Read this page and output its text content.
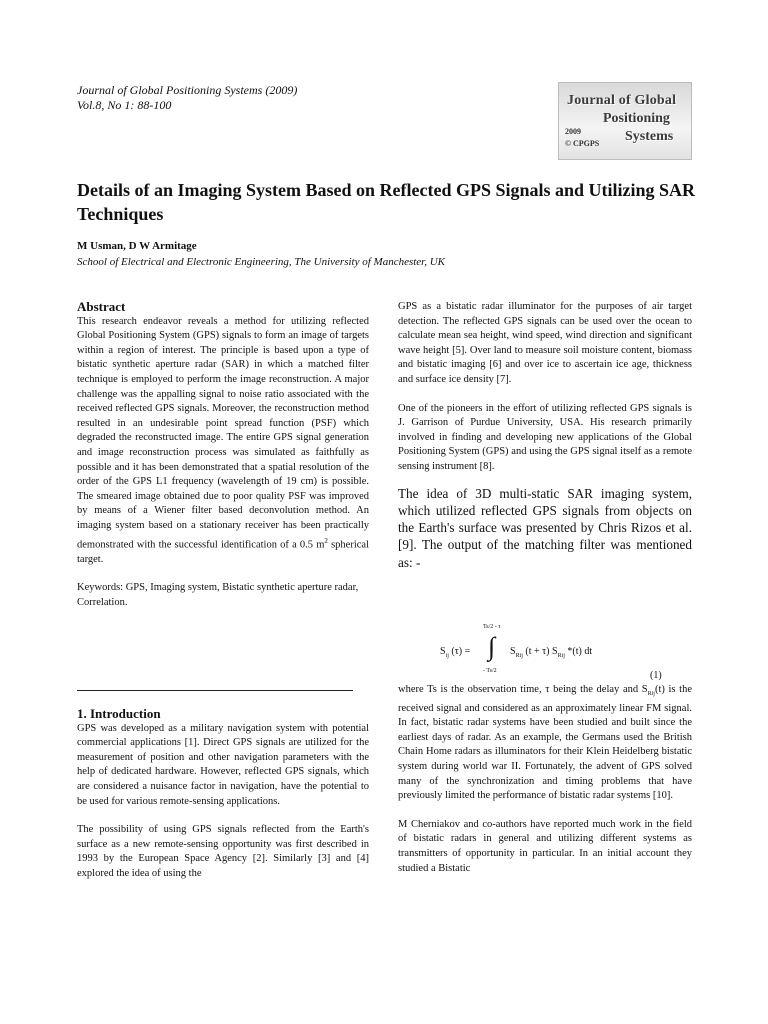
Journal of Global Positioning Systems (2009)
Vol.8, No 1: 88-100	Journal of Global
Positioning
2009
© CPGPS Systems
Details of an Imaging System Based on Reflected GPS Signals and Utilizing SAR Techniques
M Usman, D W Armitage
School of Electrical and Electronic Engineering, The University of Manchester, UK
Abstract

This research endeavor reveals a method for utilizing reflected Global Positioning System (GPS) signals to form an image of targets within a region of interest. The principle is based upon a type of bistatic synthetic aperture radar (SAR) in which a matched filter technique is employed to perform the image reconstruction. A major challenge was the appalling signal to noise ratio associated with the received reflected GPS signals. Moreover, the reconstruction method resulted in an undesirable point spread function (PSF) which degraded the reconstructed image. The entire GPS signal generation and image reconstruction process was simulated as faithfully as possible and it has been demonstrated that a spatial resolution of the order of the GPS L1 frequency (wavelength of 19 cm) is possible. The smeared image obtained due to poor quality PSF was improved by means of a Wiener filter based deconvolution method. An imaging system based on a stationary receiver has been practically demonstrated with the successful identification of a 0.5 $m^2$ spherical target.

Keywords: GPS, Imaging system, Bistatic synthetic aperture radar, Correlation.

1. Introduction

GPS was developed as a military navigation system with potential commercial applications [1]. Direct GPS signals are utilized for the measurement of position and other navigation parameters with the help of dedicated hardware. However, reflected GPS signals, which are considered a nuisance factor in navigation, have the potential to be used for various remote-sensing applications.

The possibility of using GPS signals reflected from the Earth's surface as a new remote-sensing opportunity was first described in 1993 by the European Space Agency [2]. Similarly [3] and [4] explored the idea of using the

GPS as a bistatic radar illuminator for the purposes of air target detection. The reflected GPS signals can be used over the ocean to calculate mean sea height, wind speed, wind direction and significant wave height [5]. Over land to measure soil moisture content, biomass and bistatic imaging [6] and over ice to ascertain ice age, thickness and surface ice density [7].

One of the pioneers in the effort of utilizing reflected GPS signals is J. Garrison of Purdue University, USA. His research primarily involved in finding and developing new applications of the Global Positioning System (GPS) and using the GPS signal itself as a remote sensing instrument [8].

The idea of 3D multi-static SAR imaging system, which utilized reflected GPS signals from objects on the Earth's surface was presented by Chris Rizos et al. [9]. The output of the matching filter was mentioned as: -

$S_{ij}$ (τ) =
Ts/2 - τ
∫
- Ts/2
$S_{Rij}$ (t + τ) $S_{Rij}$ *(t) dt
(1)

where Ts is the observation time, τ being the delay and $S_{Rij}(t)$ is the received signal and considered as an approximately linear FM signal. In fact, bistatic radar systems have been studied and built since the earliest days of radar. As an example, the Germans used the British Chain Home radars as illuminators for their Klein Heidelberg bistatic system during world war II. Fortunately, the advent of GPS solved many of the synchronization and timing problems that have previously limited the performance of bistatic radar systems [10].

M Cherniakov and co-authors have reported much work in the field of bistatic radars in general and utilizing different systems as transmitters of opportunity in particular. In an initial account they studied a Bistatic
